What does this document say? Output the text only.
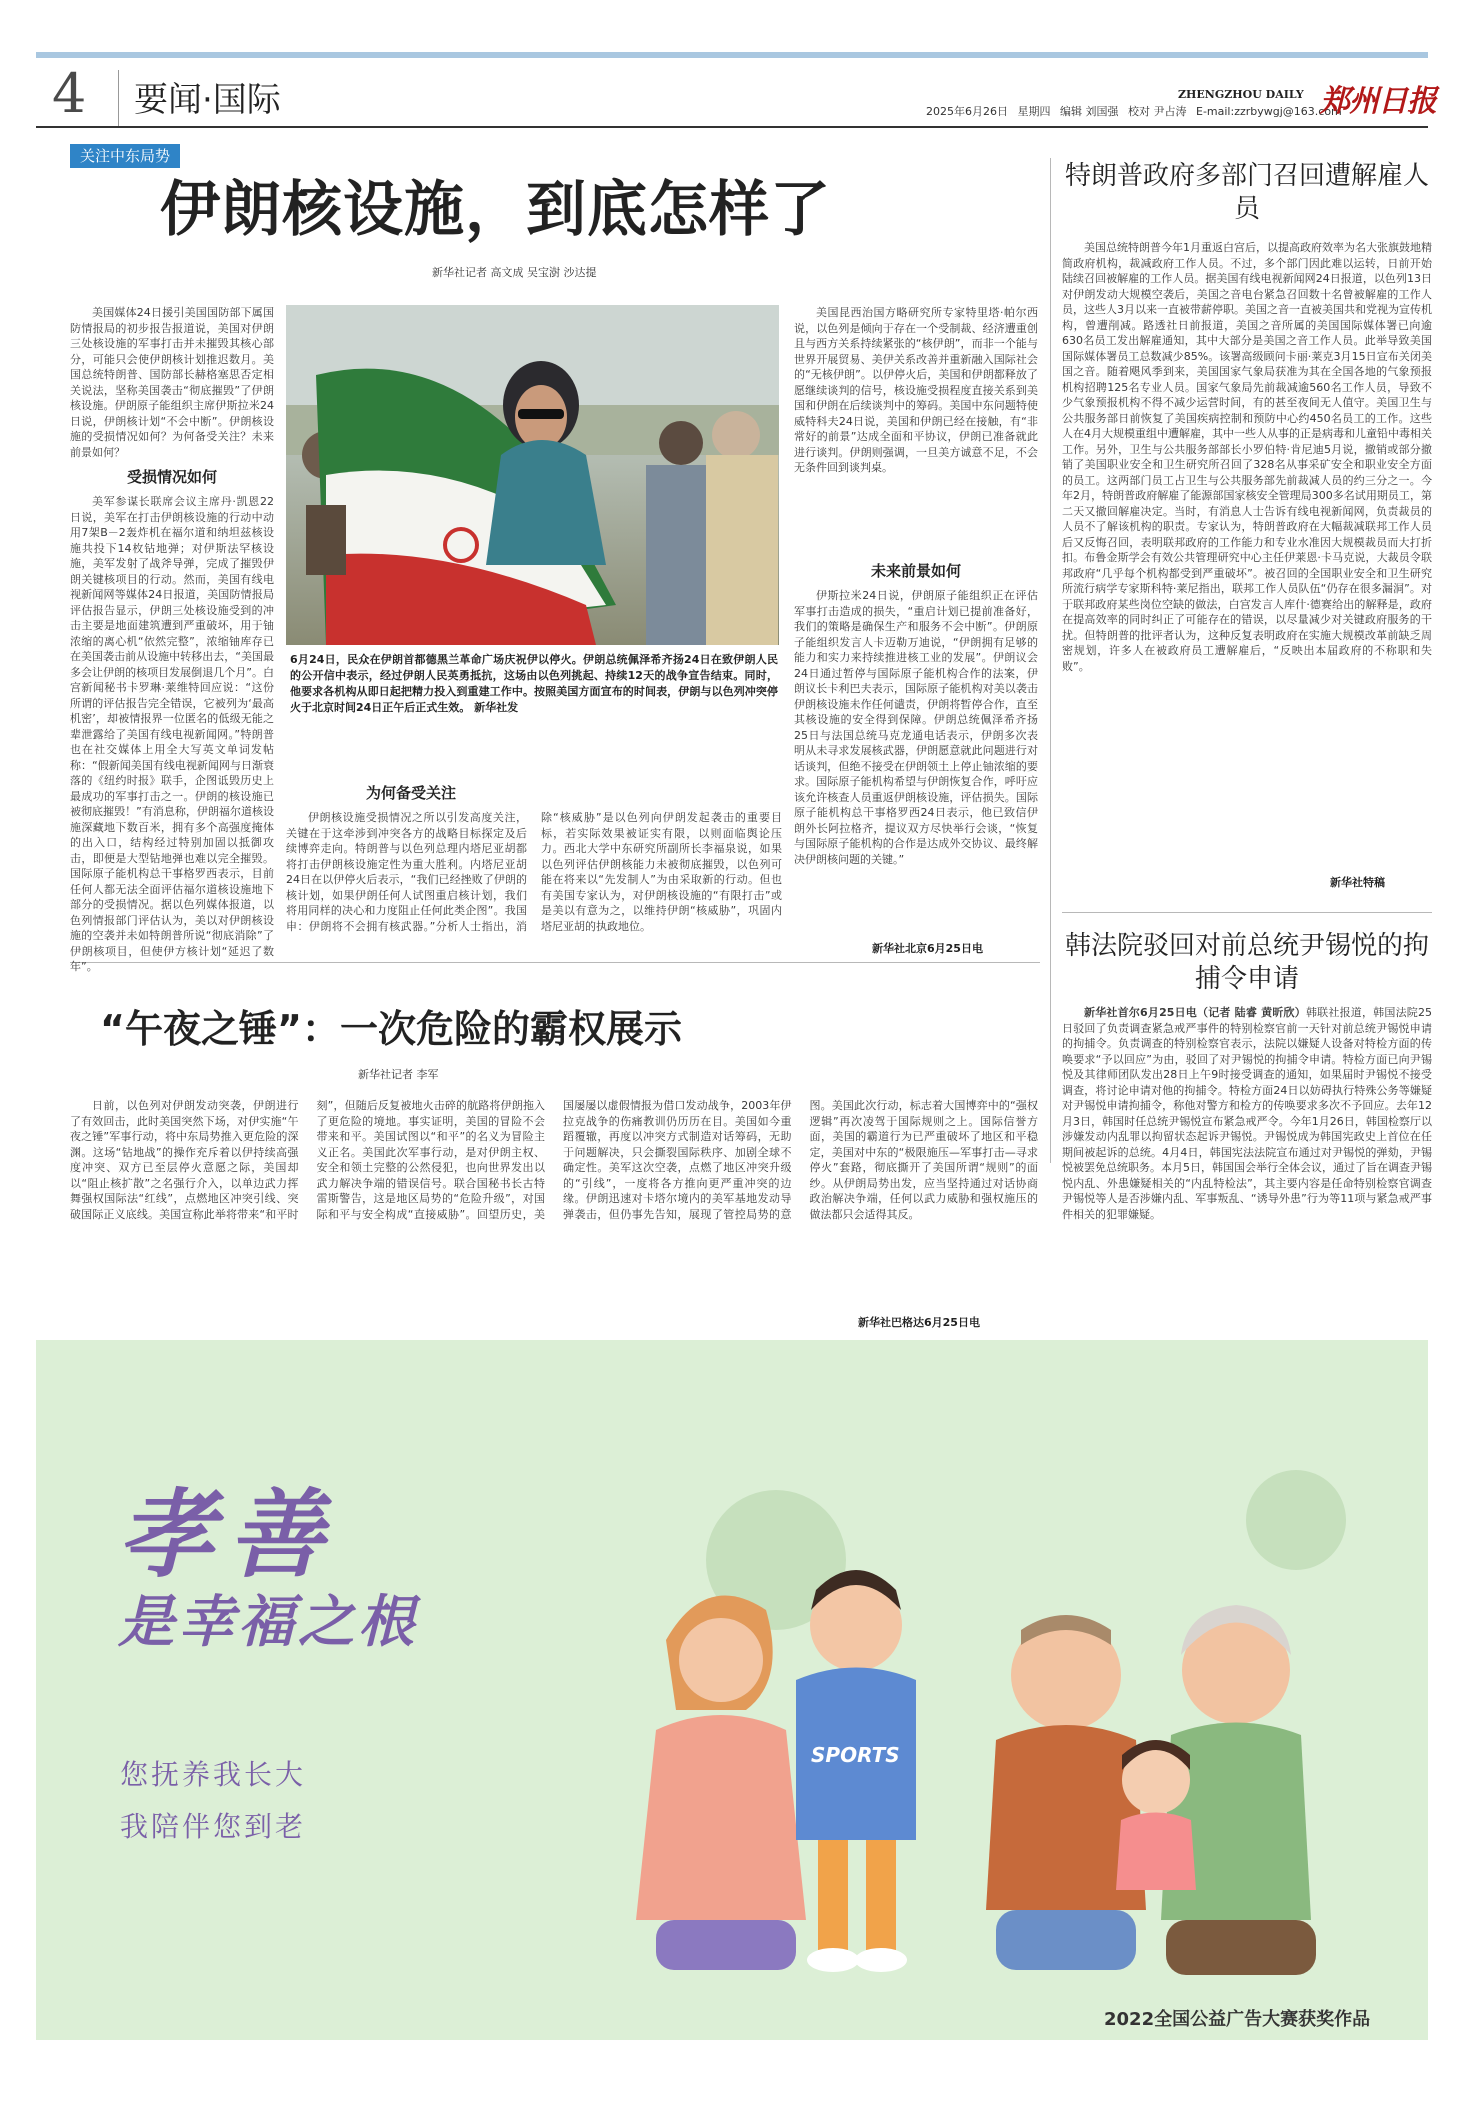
4 要闻·国际	2025年6月26日 星期四 编辑 刘国强 校对 尹占涛 E-mail:zzrbywgj@163.com
ZHENGZHOU DAILY 郑州日报
关注中东局势
伊朗核设施，到底怎样了
新华社记者 高文成 吴宝澍 沙达提

美国媒体24日援引美国国防部下属国防情报局的初步报告报道说，美国对伊朗三处核设施的军事打击并未摧毁其核心部分，可能只会使伊朗核计划推迟数月。美国总统特朗普、国防部长赫格塞思否定相关说法，坚称美国袭击“彻底摧毁”了伊朗核设施。伊朗原子能组织主席伊斯拉米24日说，伊朗核计划“不会中断”。伊朗核设施的受损情况如何？为何备受关注？未来前景如何？

受损情况如何

美军参谋长联席会议主席丹·凯恩22日说，美军在打击伊朗核设施的行动中动用7架B－2轰炸机在福尔道和纳坦兹核设施共投下14枚钻地弹；对伊斯法罕核设施，美军发射了战斧导弹，完成了摧毁伊朗关键核项目的行动。然而，美国有线电视新闻网等媒体24日报道，美国防情报局评估报告显示，伊朗三处核设施受到的冲击主要是地面建筑遭到严重破坏，用于铀浓缩的离心机“依然完整”，浓缩铀库存已在美国袭击前从设施中转移出去，“美国最多会让伊朗的核项目发展倒退几个月”。白宫新闻秘书卡罗琳·莱维特回应说：“这份所谓的评估报告完全错误，它被列为‘最高机密’，却被情报界一位匿名的低级无能之辈泄露给了美国有线电视新闻网。”特朗普也在社交媒体上用全大写英文单词发帖称：“假新闻美国有线电视新闻网与日渐衰落的《纽约时报》联手，企图诋毁历史上最成功的军事打击之一。伊朗的核设施已被彻底摧毁！”有消息称，伊朗福尔道核设施深藏地下数百米，拥有多个高强度掩体的出入口，结构经过特别加固以抵御攻击，即便是大型钻地弹也难以完全摧毁。国际原子能机构总干事格罗西表示，目前任何人都无法全面评估福尔道核设施地下部分的受损情况。据以色列媒体报道，以色列情报部门评估认为，美以对伊朗核设施的空袭并未如特朗普所说“彻底消除”了伊朗核项目，但使伊方核计划“延迟了数年”。

为何备受关注

伊朗核设施受损情况之所以引发高度关注，关键在于这牵涉到冲突各方的战略目标探定及后续博弈走向。特朗普与以色列总理内塔尼亚胡都将打击伊朗核设施定性为重大胜利。内塔尼亚胡24日在以伊停火后表示，“我们已经挫败了伊朗的核计划，如果伊朗任何人试图重启核计划，我们将用同样的决心和力度阻止任何此类企图”。我国申：伊朗将不会拥有核武器。”分析人士指出，消除“核威胁”是以色列向伊朗发起袭击的重要目标，若实际效果被证实有限，以则面临舆论压力。西北大学中东研究所副所长李福泉说，如果以色列评估伊朗核能力未被彻底摧毁，以色列可能在将来以“先发制人”为由采取新的行动。但也有美国专家认为，对伊朗核设施的“有限打击”或是美以有意为之，以维持伊朗“核威胁”，巩固内塔尼亚胡的执政地位。

美国昆西治国方略研究所专家特里塔·帕尔西说，以色列是倾向于存在一个受制裁、经济遭重创且与西方关系持续紧张的“核伊朗”，而非一个能与世界开展贸易、美伊关系改善并重新融入国际社会的“无核伊朗”。以伊停火后，美国和伊朗都释放了愿继续谈判的信号，核设施受损程度直接关系到美国和伊朗在后续谈判中的筹码。美国中东问题特使威特科夫24日说，美国和伊朗已经在接触，有“非常好的前景”达成全面和平协议，伊朗已准备就此进行谈判。伊朗则强调，一旦美方诚意不足，不会无条件回到谈判桌。

未来前景如何

伊斯拉米24日说，伊朗原子能组织正在评估军事打击造成的损失，“重启计划已提前准备好，我们的策略是确保生产和服务不会中断”。伊朗原子能组织发言人卡迈勒万迪说，“伊朗拥有足够的能力和实力来持续推进核工业的发展”。伊朗议会24日通过暂停与国际原子能机构合作的法案，伊朗议长卡利巴夫表示，国际原子能机构对美以袭击伊朗核设施未作任何谴责，伊朗将暂停合作，直至其核设施的安全得到保障。伊朗总统佩泽希齐扬25日与法国总统马克龙通电话表示，伊朗多次表明从未寻求发展核武器，伊朗愿意就此问题进行对话谈判，但绝不接受在伊朗领土上停止铀浓缩的要求。国际原子能机构希望与伊朗恢复合作，呼吁应该允许核查人员重返伊朗核设施，评估损失。国际原子能机构总干事格罗西24日表示，他已致信伊朗外长阿拉格齐，提议双方尽快举行会谈，“恢复与国际原子能机构的合作是达成外交协议、最终解决伊朗核问题的关键。”

新华社北京6月25日电
6月24日，民众在伊朗首都德黑兰革命广场庆祝伊以停火。伊朗总统佩泽希齐扬24日在致伊朗人民的公开信中表示，经过伊朗人民英勇抵抗，这场由以色列挑起、持续12天的战争宣告结束。同时，他要求各机构从即日起把精力投入到重建工作中。按照美国方面宣布的时间表，伊朗与以色列冲突停火于北京时间24日正午后正式生效。 新华社发
特朗普政府多部门召回遭解雇人员

美国总统特朗普今年1月重返白宫后，以提高政府效率为名大张旗鼓地精简政府机构，裁减政府工作人员。不过，多个部门因此难以运转，日前开始陆续召回被解雇的工作人员。据美国有线电视新闻网24日报道，以色列13日对伊朗发动大规模空袭后，美国之音电台紧急召回数十名曾被解雇的工作人员，这些人3月以来一直被带薪停职。美国之音一直被美国共和党视为宣传机构，曾遭削减。路透社日前报道，美国之音所属的美国国际媒体署已向逾630名员工发出解雇通知，其中大部分是美国之音工作人员。此举导致美国国际媒体署员工总数减少85%。该署高级顾问卡丽·莱克3月15日宣布关闭美国之音。随着飓风季到来，美国国家气象局获准为其在全国各地的气象预报机构招聘125名专业人员。国家气象局先前裁减逾560名工作人员，导致不少气象预报机构不得不减少运营时间，有的甚至夜间无人值守。美国卫生与公共服务部日前恢复了美国疾病控制和预防中心约450名员工的工作。这些人在4月大规模重组中遭解雇，其中一些人从事的正是病毒和儿童铅中毒相关工作。另外，卫生与公共服务部部长小罗伯特·肯尼迪5月说，撤销或部分撤销了美国职业安全和卫生研究所召回了328名从事采矿安全和职业安全方面的员工。这两部门员工占卫生与公共服务部先前裁减人员的约三分之一。今年2月，特朗普政府解雇了能源部国家核安全管理局300多名试用期员工，第二天又撤回解雇决定。当时，有消息人士告诉有线电视新闻网，负责裁员的人员不了解该机构的职责。专家认为，特朗普政府在大幅裁减联邦工作人员后又反悔召回，表明联邦政府的工作能力和专业水准因大规模裁员而大打折扣。布鲁金斯学会有效公共管理研究中心主任伊莱恩·卡马克说，大裁员令联邦政府“几乎每个机构都受到严重破坏”。被召回的全国职业安全和卫生研究所流行病学专家斯科特·莱尼指出，联邦工作人员队伍“仍存在很多漏洞”。对于联邦政府某些岗位空缺的做法，白宫发言人库什·德赛给出的解释是，政府在提高效率的同时纠正了可能存在的错误，以尽量减少对关键政府服务的干扰。但特朗普的批评者认为，这种反复表明政府在实施大规模改革前缺乏周密规划，许多人在被政府员工遭解雇后，“反映出本届政府的不称职和失败”。

新华社特稿
韩法院驳回对前总统尹锡悦的拘捕令申请

新华社首尔6月25日电（记者 陆睿 黄昕欣）韩联社报道，韩国法院25日驳回了负责调查紧急戒严事件的特别检察官前一天针对前总统尹锡悦申请的拘捕令。负责调查的特别检察官表示，法院以嫌疑人设备对特检方面的传唤要求“予以回应”为由，驳回了对尹锡悦的拘捕令申请。特检方面已向尹锡悦及其律师团队发出28日上午9时接受调查的通知，如果届时尹锡悦不接受调查，将讨论申请对他的拘捕令。特检方面24日以妨碍执行特殊公务等嫌疑对尹锡悦申请拘捕令，称他对警方和检方的传唤要求多次不予回应。去年12月3日，韩国时任总统尹锡悦宣布紧急戒严令。今年1月26日，韩国检察厅以涉嫌发动内乱罪以拘留状态起诉尹锡悦。尹锡悦成为韩国宪政史上首位在任期间被起诉的总统。4月4日，韩国宪法法院宣布通过对尹锡悦的弹劾，尹锡悦被罢免总统职务。本月5日，韩国国会举行全体会议，通过了旨在调查尹锡悦内乱、外患嫌疑相关的“内乱特检法”，其主要内容是任命特别检察官调查尹锡悦等人是否涉嫌内乱、军事叛乱、“诱导外患”行为等11项与紧急戒严事件相关的犯罪嫌疑。

“午夜之锤”：一次危险的霸权展示
新华社记者 李军

日前，以色列对伊朗发动突袭，伊朗进行了有效回击，此时美国突然下场，对伊实施“午夜之锤”军事行动，将中东局势推入更危险的深渊。这场“钻地战”的操作充斥着以伊持续高强度冲突、双方已至层停火意愿之际，美国却以“阻止核扩散”之名强行介入，以单边武力挥舞强权国际法“红线”，点燃地区冲突引线、突破国际正义底线。美国宣称此举将带来“和平时刻”，但随后反复被地火击碎的航路将伊朗拖入了更危险的境地。事实证明，美国的冒险不会带来和平。美国试图以“和平”的名义为冒险主义正名。美国此次军事行动，是对伊朗主权、安全和领土完整的公然侵犯，也向世界发出以武力解决争端的错误信号。联合国秘书长古特雷斯警告，这是地区局势的“危险升级”，对国际和平与安全构成“直接威胁”。回望历史，美国屡屡以虚假情报为借口发动战争，2003年伊拉克战争的伤痛教训仍历历在目。美国如今重蹈覆辙，再度以冲突方式制造对话筹码，无助于问题解决，只会撕裂国际秩序、加剧全球不确定性。美军这次空袭，点燃了地区冲突升级的“引线”，一度将各方推向更严重冲突的边缘。伊朗迅速对卡塔尔境内的美军基地发动导弹袭击，但仍事先告知，展现了管控局势的意图。美国此次行动，标志着大国博弈中的“强权逻辑”再次凌驾于国际规则之上。国际信誉方面，美国的霸道行为已严重破坏了地区和平稳定，美国对中东的“极限施压—军事打击—寻求停火”套路，彻底撕开了美国所谓“规则”的面纱。从伊朗局势出发，应当坚持通过对话协商政治解决争端，任何以武力威胁和强权施压的做法都只会适得其反。

新华社巴格达6月25日电
孝善
是幸福之根
您抚养我长大
我陪伴您到老
SPORTS
2022全国公益广告大赛获奖作品
